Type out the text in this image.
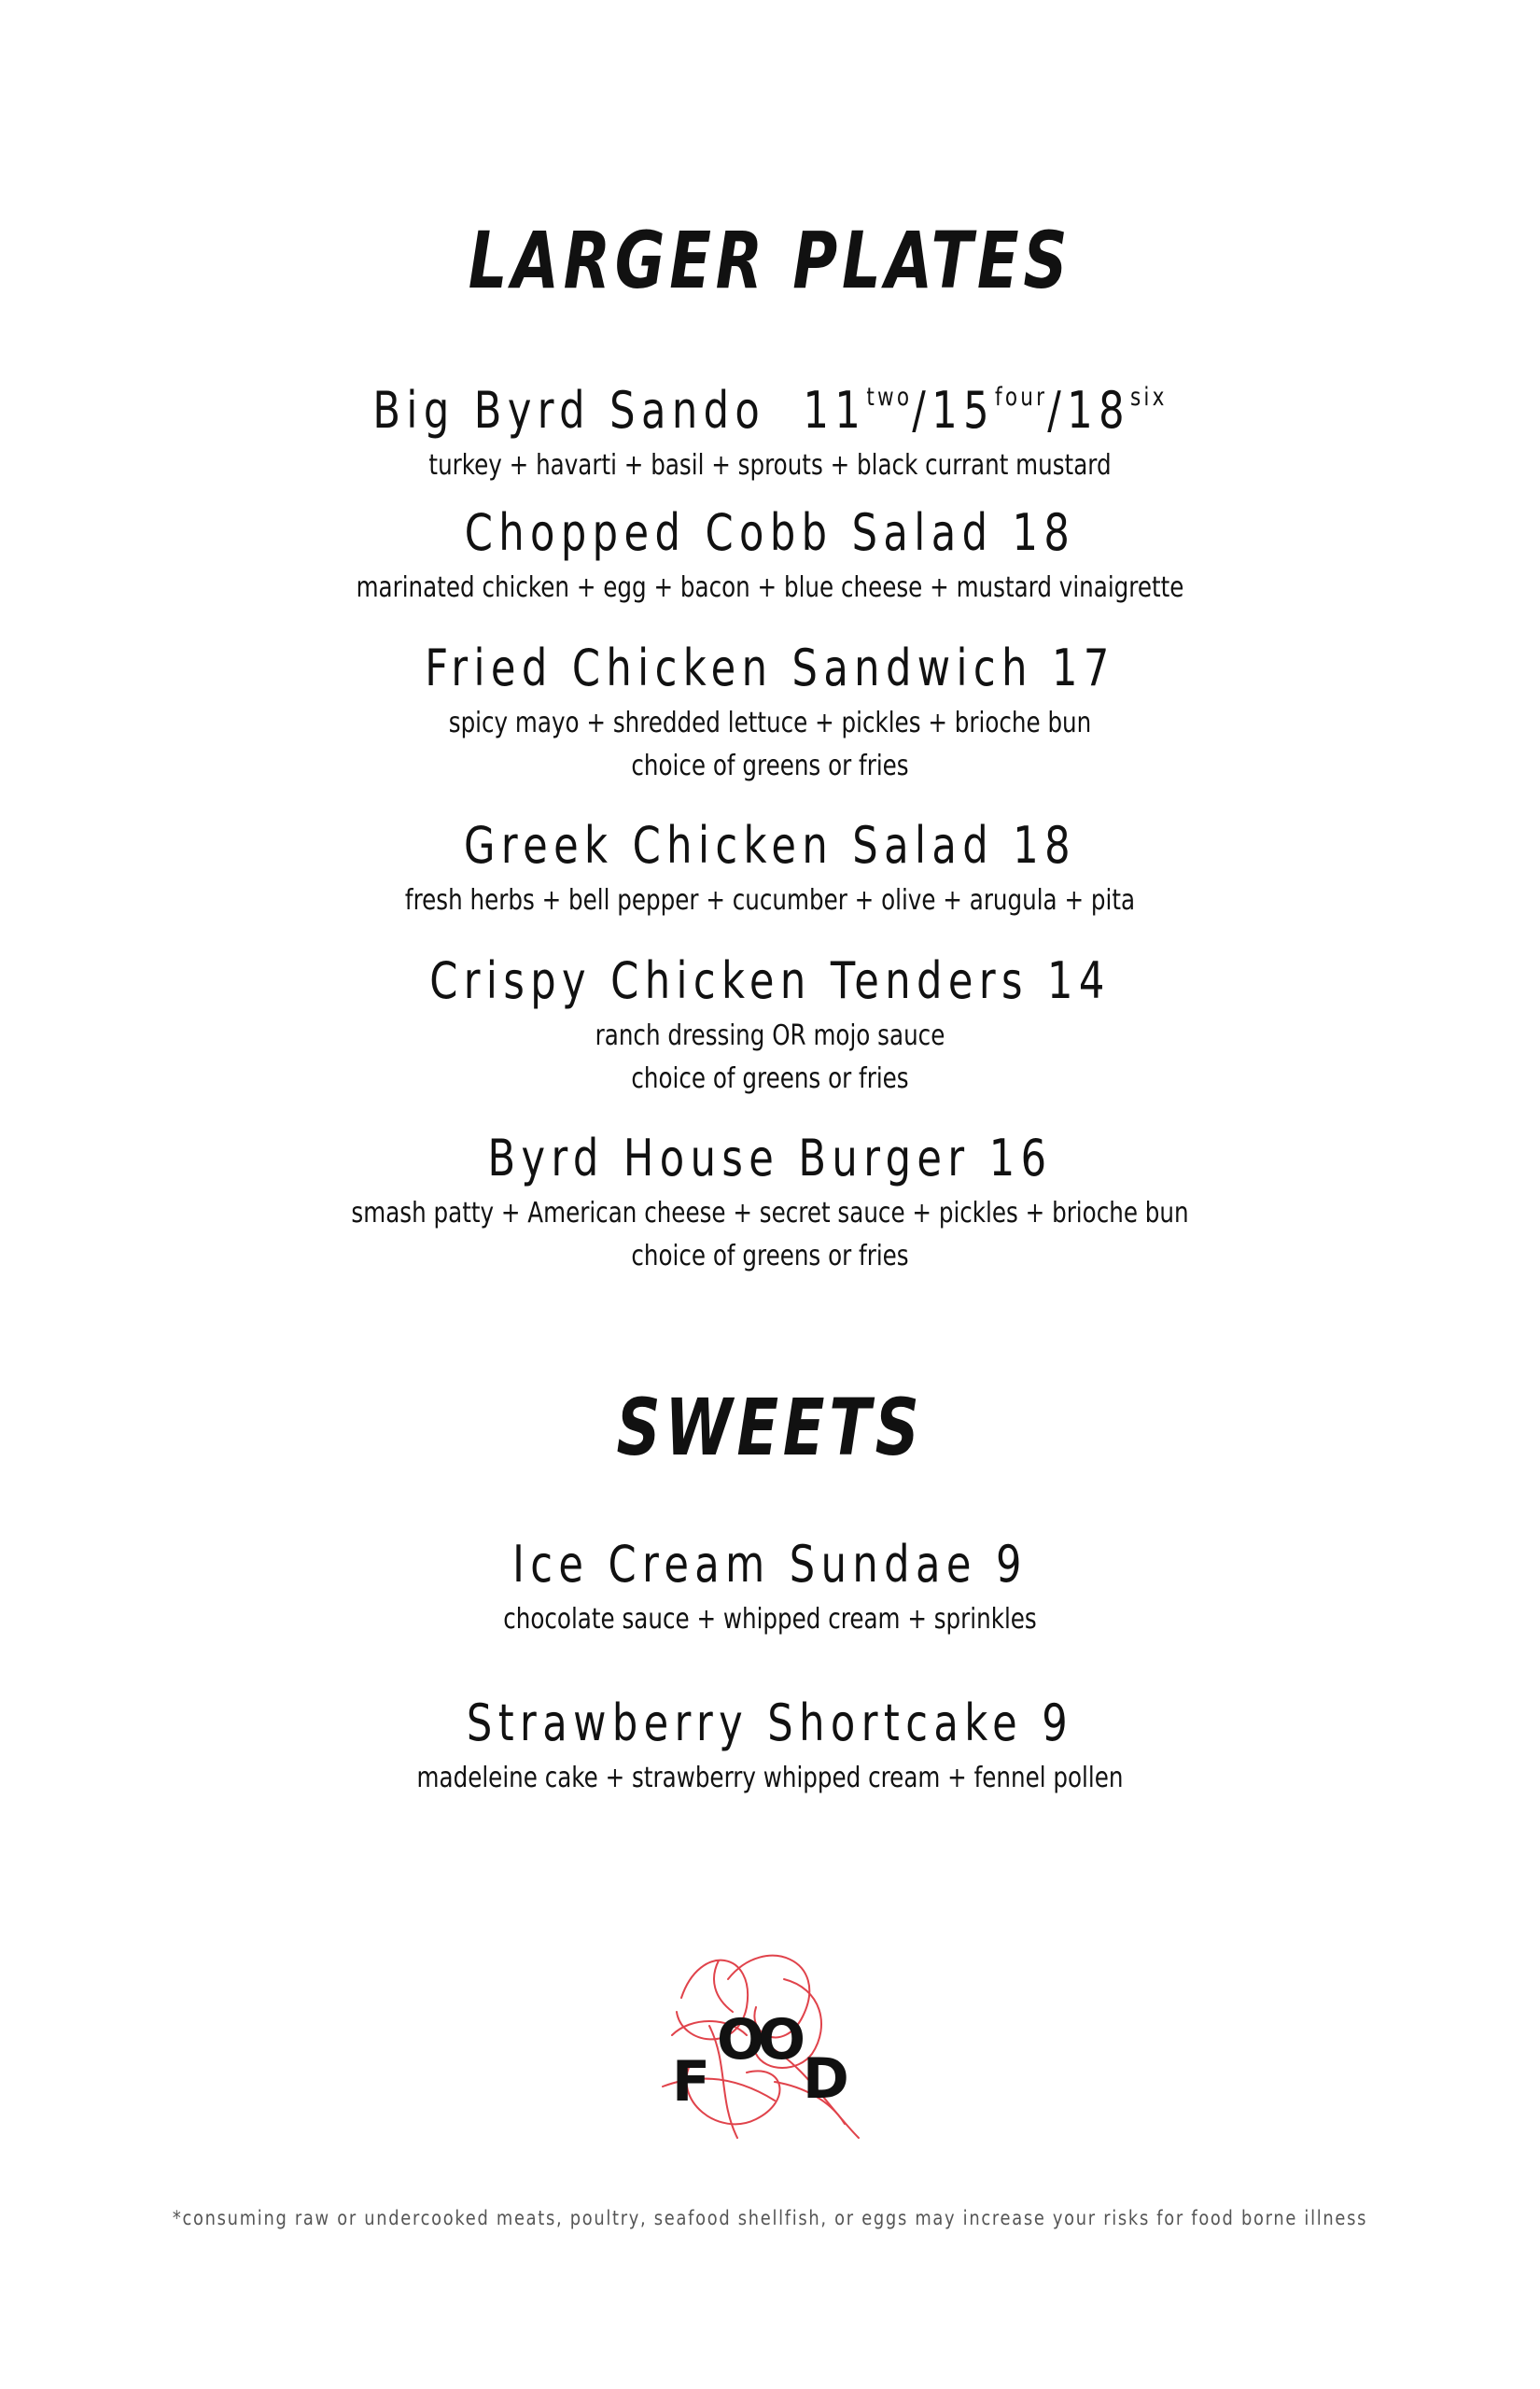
LARGER PLATES
Big Byrd Sando $11^{two}/15^{four}/18^{six}$
turkey + havarti + basil + sprouts + black currant mustard
Chopped Cobb Salad 18
marinated chicken + egg + bacon + blue cheese + mustard vinaigrette
Fried Chicken Sandwich 17
spicy mayo + shredded lettuce + pickles + brioche bun
choice of greens or fries
Greek Chicken Salad 18
fresh herbs + bell pepper + cucumber + olive + arugula + pita
Crispy Chicken Tenders 14
ranch dressing OR mojo sauce
choice of greens or fries
Byrd House Burger 16
smash patty + American cheese + secret sauce + pickles + brioche bun
choice of greens or fries
SWEETS
Ice Cream Sundae 9
chocolate sauce + whipped cream + sprinkles
Strawberry Shortcake 9
madeleine cake + strawberry whipped cream + fennel pollen
F
O
O
D
*consuming raw or undercooked meats, poultry, seafood shellfish, or eggs may increase your risks for food borne illness
